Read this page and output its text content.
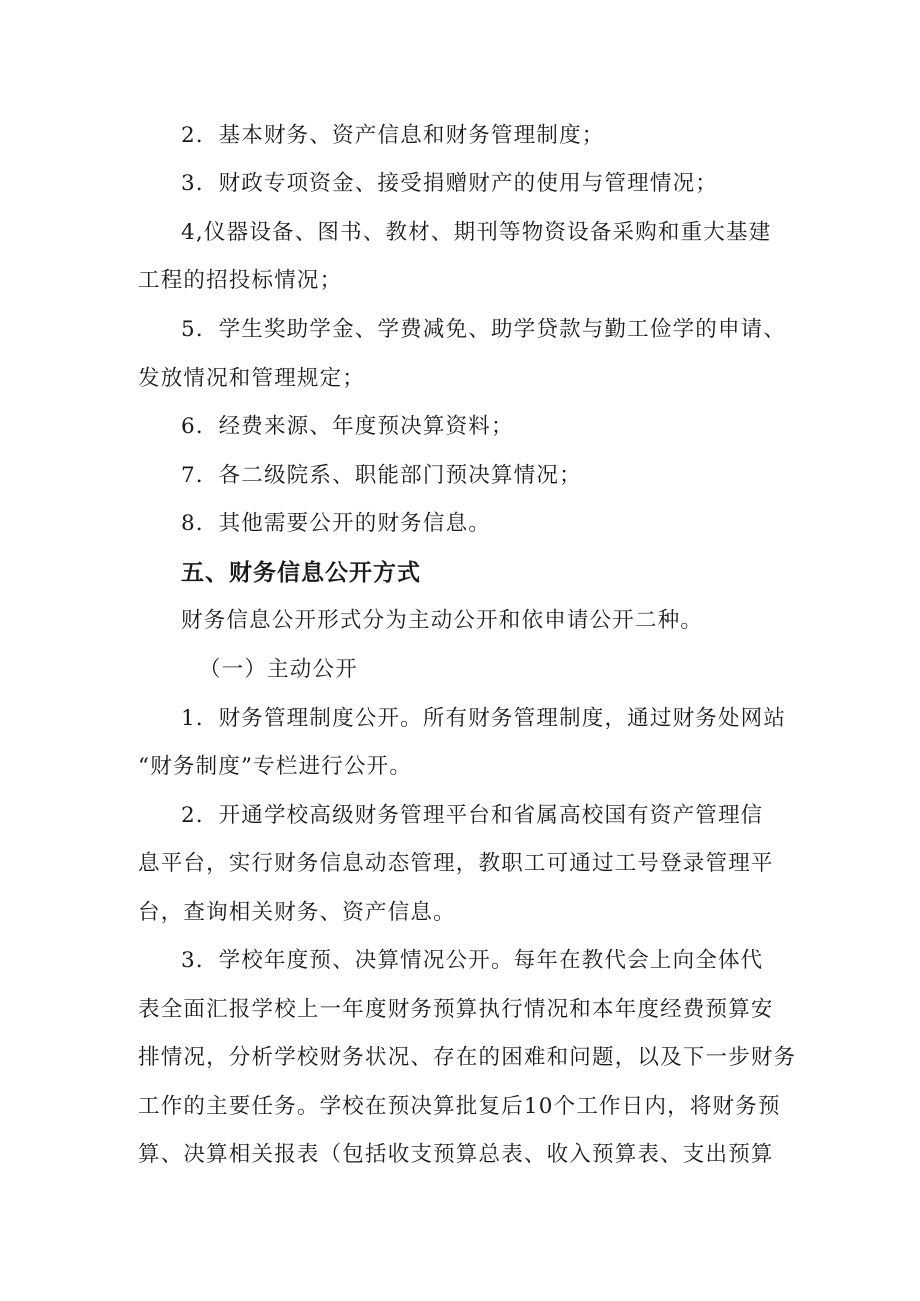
2．基本财务、资产信息和财务管理制度；
3．财政专项资金、接受捐赠财产的使用与管理情况；
4,仪器设备、图书、教材、期刊等物资设备采购和重大基建
工程的招投标情况；
5．学生奖助学金、学费减免、助学贷款与勤工俭学的申请、
发放情况和管理规定；
6．经费来源、年度预决算资料；
7．各二级院系、职能部门预决算情况；
8．其他需要公开的财务信息。
五、财务信息公开方式
财务信息公开形式分为主动公开和依申请公开二种。
（一）主动公开
1．财务管理制度公开。所有财务管理制度，通过财务处网站
“财务制度”专栏进行公开。
2．开通学校高级财务管理平台和省属高校国有资产管理信
息平台，实行财务信息动态管理，教职工可通过工号登录管理平
台，查询相关财务、资产信息。
3．学校年度预、决算情况公开。每年在教代会上向全体代
表全面汇报学校上一年度财务预算执行情况和本年度经费预算安
排情况，分析学校财务状况、存在的困难和问题，以及下一步财务
工作的主要任务。学校在预决算批复后10个工作日内，将财务预
算、决算相关报表（包括收支预算总表、收入预算表、支出预算
